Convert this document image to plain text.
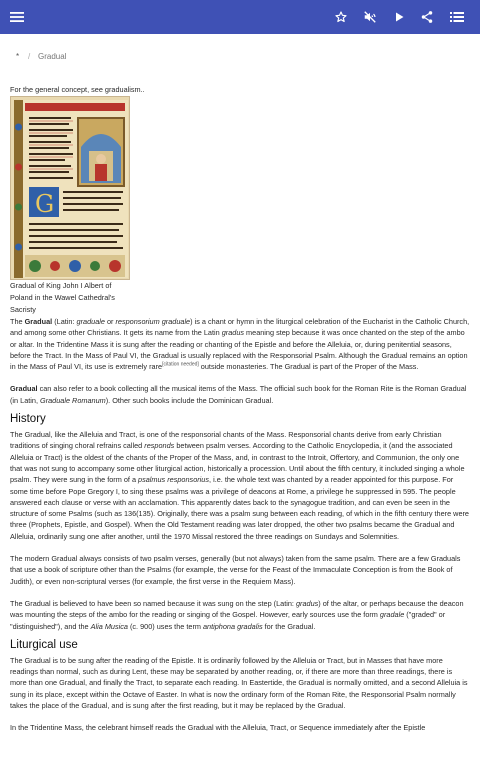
* / Gradual

For the general concept, see gradualism..

G

Gradual of King John I Albert of Poland in the Wawel Cathedral's Sacristy

The Gradual (Latin: graduale or responsorium graduale) is a chant or hymn in the liturgical celebration of the Eucharist in the Catholic Church, and among some other Christians. It gets its name from the Latin gradus meaning step because it was once chanted on the step of the ambo or altar. In the Tridentine Mass it is sung after the reading or chanting of the Epistle and before the Alleluia, or, during penitential seasons, before the Tract. In the Mass of Paul VI, the Gradual is usually replaced with the Responsorial Psalm. Although the Gradual remains an option in the Mass of Paul VI, its use is extremely rare[citation needed] outside monasteries. The Gradual is part of the Proper of the Mass.

Gradual can also refer to a book collecting all the musical items of the Mass. The official such book for the Roman Rite is the Roman Gradual (in Latin, Graduale Romanum). Other such books include the Dominican Gradual.

History

The Gradual, like the Alleluia and Tract, is one of the responsorial chants of the Mass. Responsorial chants derive from early Christian traditions of singing choral refrains called responds between psalm verses. According to the Catholic Encyclopedia, it (and the associated Alleluia or Tract) is the oldest of the chants of the Proper of the Mass, and, in contrast to the Introit, Offertory, and Communion, the only one that was not sung to accompany some other liturgical action, historically a procession. Until about the fifth century, it included singing a whole psalm. They were sung in the form of a psalmus responsorius, i.e. the whole text was chanted by a reader appointed for this purpose. For some time before Pope Gregory I, to sing these psalms was a privilege of deacons at Rome, a privilege he suppressed in 595. The people answered each clause or verse with an acclamation. This apparently dates back to the synagogue tradition, and can even be seen in the structure of some Psalms (such as 136(135). Originally, there was a psalm sung between each reading, of which in the fifth century there were three (Prophets, Epistle, and Gospel). When the Old Testament reading was later dropped, the other two psalms became the Gradual and Alleluia, ordinarily sung one after another, until the 1970 Missal restored the three readings on Sundays and Solemnities.

The modern Gradual always consists of two psalm verses, generally (but not always) taken from the same psalm. There are a few Graduals that use a book of scripture other than the Psalms (for example, the verse for the Feast of the Immaculate Conception is from the Book of Judith), or even non-scriptural verses (for example, the first verse in the Requiem Mass).

The Gradual is believed to have been so named because it was sung on the step (Latin: gradus) of the altar, or perhaps because the deacon was mounting the steps of the ambo for the reading or singing of the Gospel. However, early sources use the form gradale ("graded" or "distinguished"), and the Alia Musica (c. 900) uses the term antiphona gradalis for the Gradual.

Liturgical use

The Gradual is to be sung after the reading of the Epistle. It is ordinarily followed by the Alleluia or Tract, but in Masses that have more readings than normal, such as during Lent, these may be separated by another reading, or, if there are more than three readings, there is more than one Gradual, and finally the Tract, to separate each reading. In Eastertide, the Gradual is normally omitted, and a second Alleluia is sung in its place, except within the Octave of Easter. In what is now the ordinary form of the Roman Rite, the Responsorial Psalm normally takes the place of the Gradual, and is sung after the first reading, but it may be replaced by the Gradual.

In the Tridentine Mass, the celebrant himself reads the Gradual with the Alleluia, Tract, or Sequence immediately after the Epistle
